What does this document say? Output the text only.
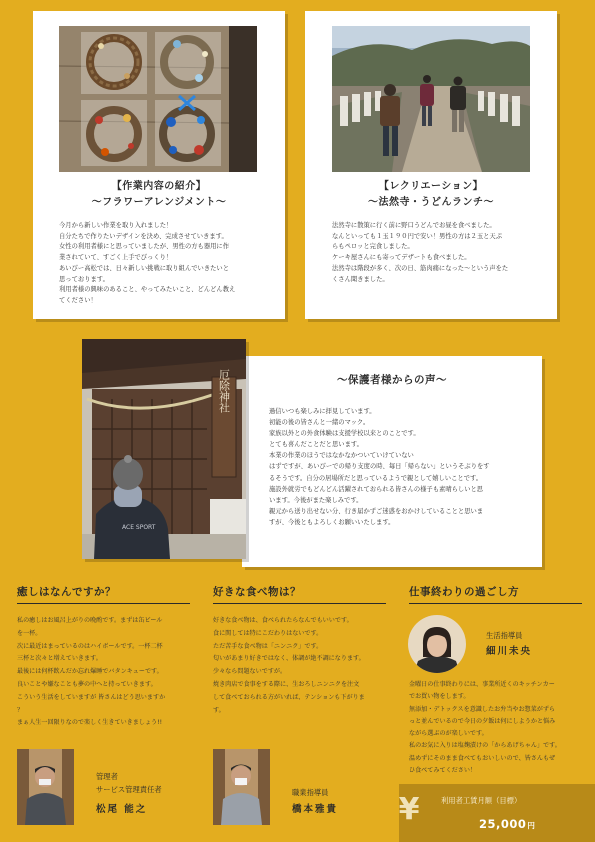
【作業内容の紹介】
～フラワーアレンジメント～

今月から新しい作業を取り入れました！

自分たちで作りたいデザインを決め、完成させていきます。

女性の利用者様にと思っていましたが、男性の方も器用に作

業されていて、すごく上手でびっくり！

あいびー高松では、日々新しい挑戦に取り組んでいきたいと

思っております。

利用者様の興味のあること、やってみたいこと、どんどん教え

てください！

【レクリエーション】
～法然寺・うどんランチ～

法然寺に散策に行く前に野口うどんでお昼を食べました。

なんといっても１玉１９０円で安い！男性の方は２玉と天ぷ

らもペロッと完食しました。

ケーキ屋さんにも寄ってデザートも食べました。

法然寺は階段が多く、次の日、筋肉痛になった～という声をた

くさん聞きました。

～保護者様からの声～

過信いつも楽しみに拝見しています。

初能の後の皆さんと一緒のマック。

家族以外との外食体験は支援学校以来とのことです。

とても喜んだことだと思います。

本業の作業のほうではなかなかついていけていない

はずですが、あいびーでの帰り支度の時、毎日「帰らない」というそぶりをす

るそうです。自分の居場所だと思っているようで親として嬉しいことです。

施設外就労でもどんどん活躍されておられる皆さんの様子も素晴らしいと思

います。今後がまた楽しみです。

親元から送り出せない分、行き届かずご迷惑をおかけしていることと思いま

すが、今後ともよろしくお願いいたします。

厄除神社
ACE SPORT
癒しはなんですか？

私の癒しはお風呂上がりの晩酌です。まずは缶ビール

を一杯。

次に最近はまっているのはハイボールです。一杯二杯

三杯と次々と増えていきます。

最後には何杯飲んだか忘れ爆睡でバタンキューです。

良いことや嫌なことも夢の中へと持っていきます。

こういう生活をしていますが 皆さんはどう思いますか

？

まぁ人生一回限りなので楽しく生きていきましょう!!

管理者
サービス管理責任者
松尾 能之
好きな食べ物は？

好きな食べ物は、食べられたらなんでもいいです。

食に関しては特にこだわりはないです。

ただ苦手な食べ物は「ニンニク」です。

匂いがあまり好きではなく、体調が絶不調になります。

少々なら問題ないですが。

焼き肉店で食事をする際に、生おろしニンニクを注文

して食べておられる方がいれば、テンションも下がりま

す。

職業指導員
橋本雅貴
仕事終わりの過ごし方
生活指導員
細川未央

金曜日の仕事終わりには、事業所近くのキッチンカー

でお買い物をします。

無添加・デトックスを意識したお弁当やお惣菜がずら

っと並んでいるので今日の夕飯は何にしようかと悩み

ながら選ぶのが楽しいです。

私のお気に入りは塩麹漬けの「からあげちゃん」です。

温めずにそのまま食べてもおいしいので、皆さんもぜ

ひ食べてみてください！

¥	利用者工賃月額（目標）
25,000円
